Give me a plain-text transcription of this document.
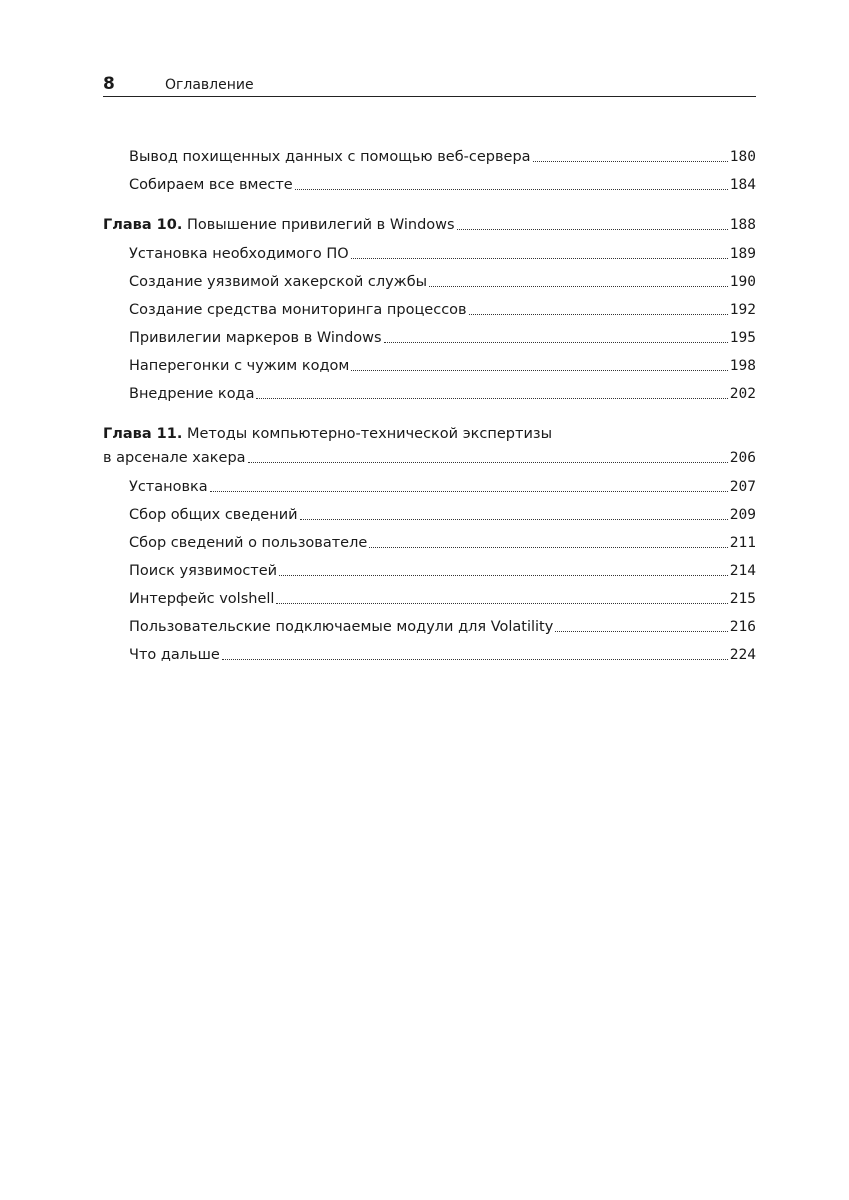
8	Оглавление
Вывод похищенных данных с помощью веб-сервера	180
Собираем все вместе	184
Глава 10. Повышение привилегий в Windows	188
Установка необходимого ПО	189
Создание уязвимой хакерской службы	190
Создание средства мониторинга процессов	192
Привилегии маркеров в Windows	195
Наперегонки с чужим кодом	198
Внедрение кода	202
Глава 11. Методы компьютерно-технической экспертизы
в арсенале хакера	206
Установка	207
Сбор общих сведений	209
Сбор сведений о пользователе	211
Поиск уязвимостей	214
Интерфейс volshell	215
Пользовательские подключаемые модули для Volatility	216
Что дальше	224
